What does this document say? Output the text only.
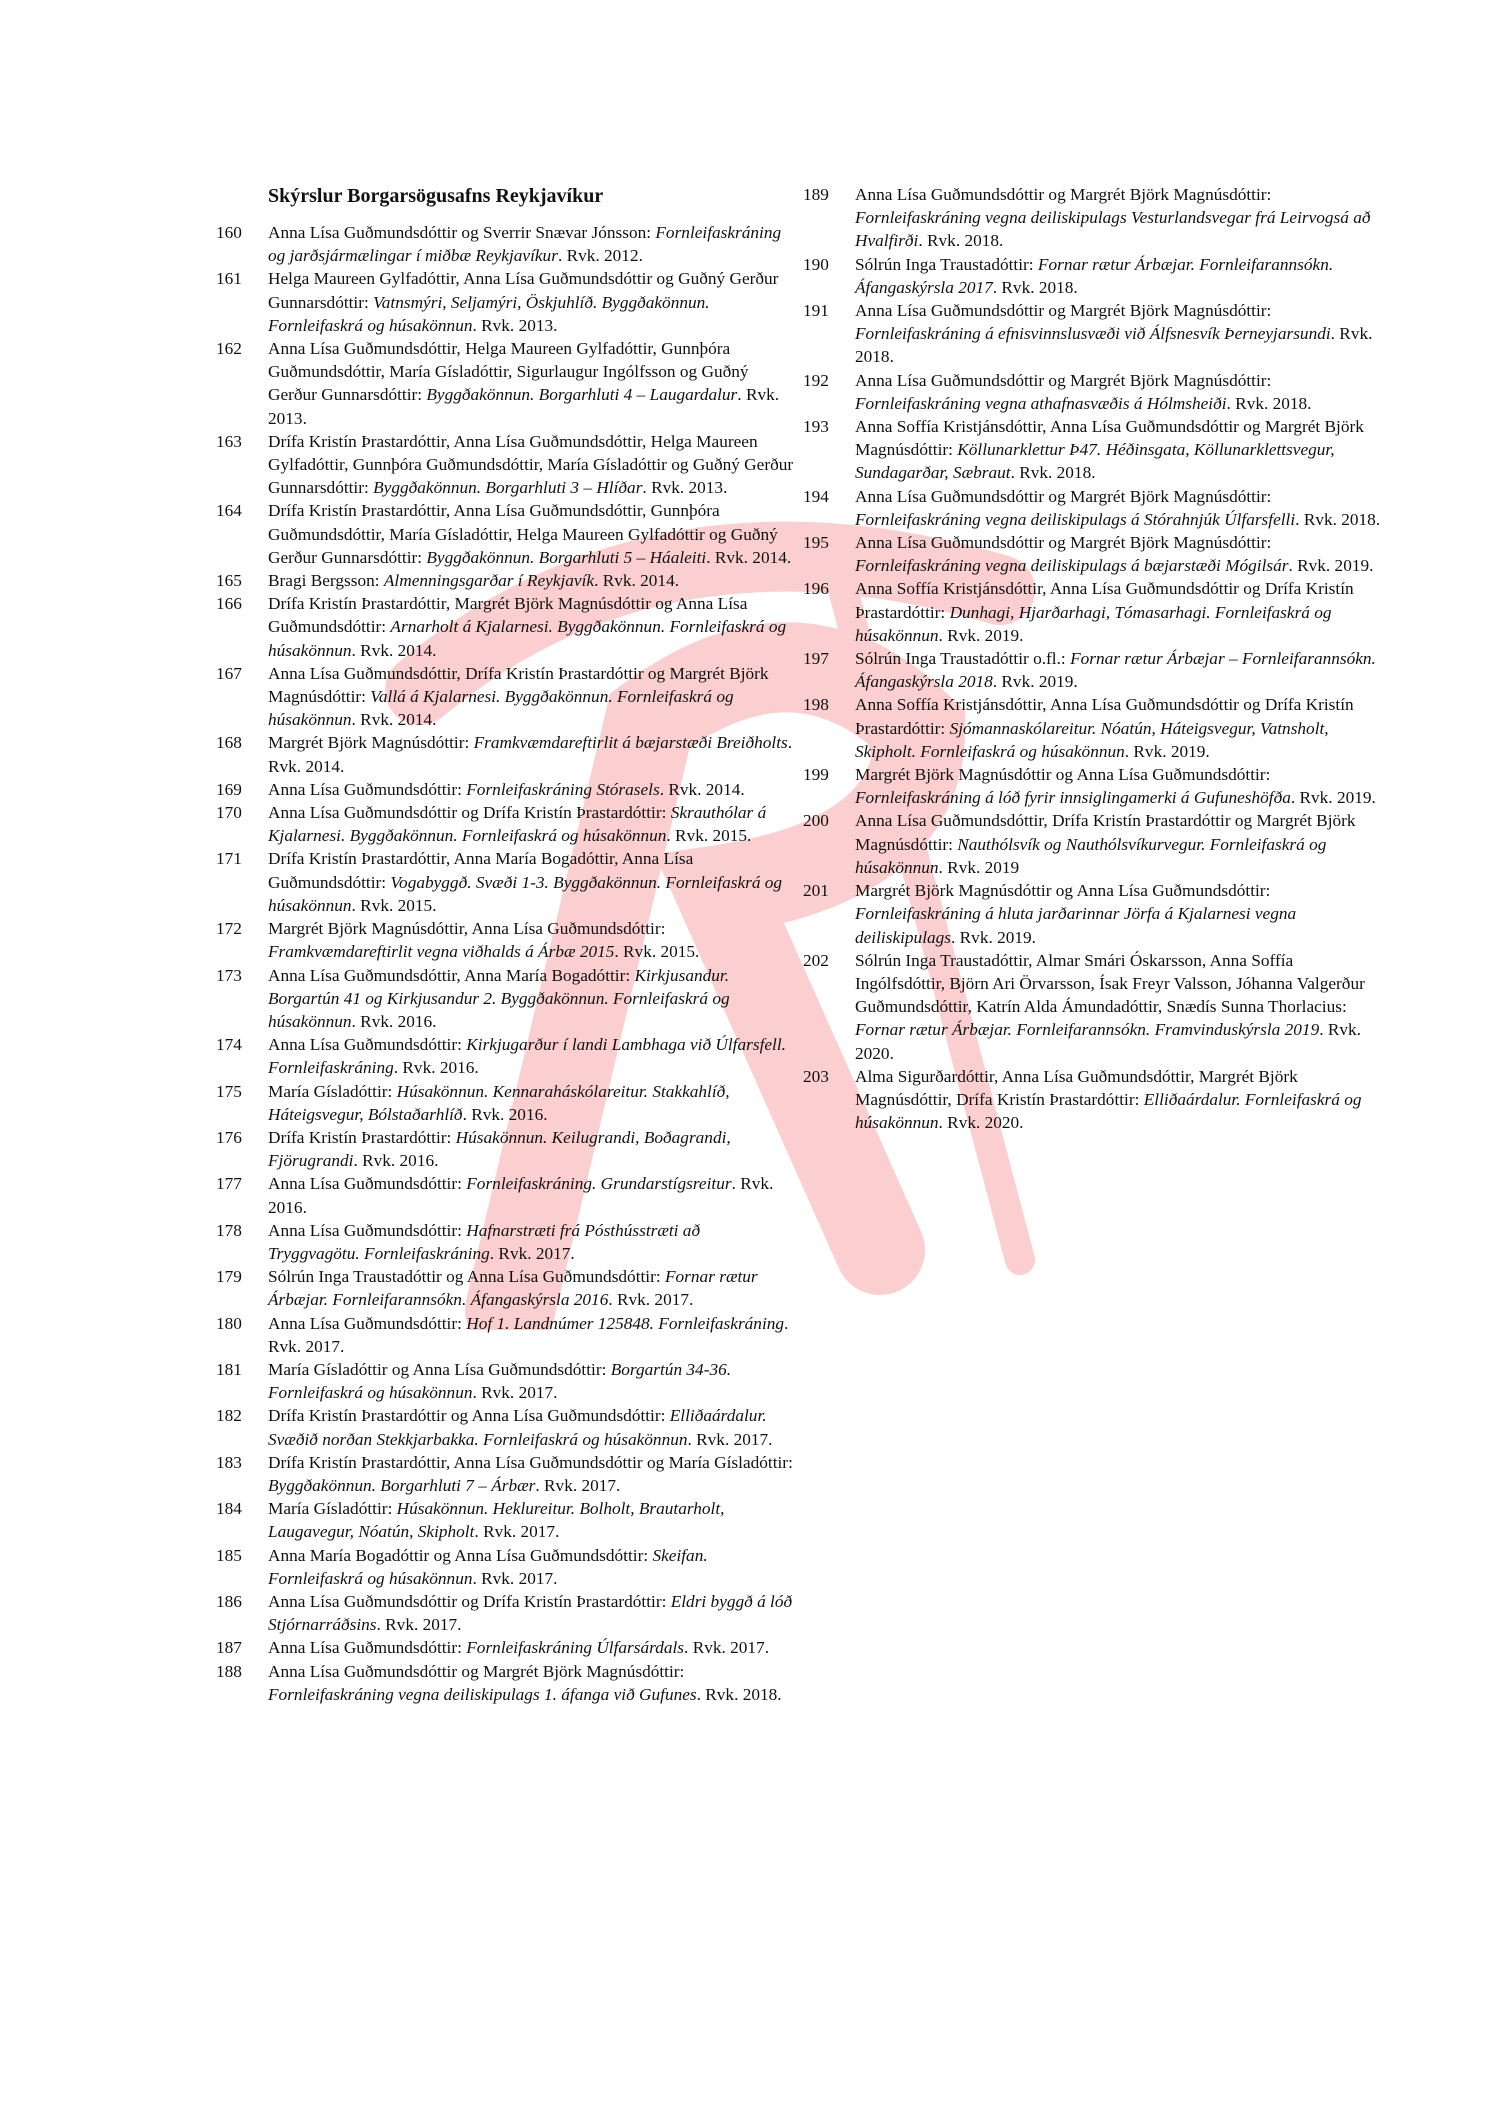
Skýrslur Borgarsögusafns Reykjavíkur
160	Anna Lísa Guðmundsdóttir og Sverrir Snævar Jónsson: Fornleifaskráning og jarðsjármælingar í miðbæ Reykjavíkur. Rvk. 2012.
161	Helga Maureen Gylfadóttir, Anna Lísa Guðmundsdóttir og Guðný Gerður Gunnarsdóttir: Vatnsmýri, Seljamýri, Öskjuhlíð. Byggðakönnun. Fornleifaskrá og húsakönnun. Rvk. 2013.
162	Anna Lísa Guðmundsdóttir, Helga Maureen Gylfadóttir, Gunnþóra Guðmundsdóttir, María Gísladóttir, Sigurlaugur Ingólfsson og Guðný Gerður Gunnarsdóttir: Byggðakönnun. Borgarhluti 4 – Laugardalur. Rvk. 2013.
163	Drífa Kristín Þrastardóttir, Anna Lísa Guðmundsdóttir, Helga Maureen Gylfadóttir, Gunnþóra Guðmundsdóttir, María Gísladóttir og Guðný Gerður Gunnarsdóttir: Byggðakönnun. Borgarhluti 3 – Hlíðar. Rvk. 2013.
164	Drífa Kristín Þrastardóttir, Anna Lísa Guðmundsdóttir, Gunnþóra Guðmundsdóttir, María Gísladóttir, Helga Maureen Gylfadóttir og Guðný Gerður Gunnarsdóttir: Byggðakönnun. Borgarhluti 5 – Háaleiti. Rvk. 2014.
165	Bragi Bergsson: Almenningsgarðar í Reykjavík. Rvk. 2014.
166	Drífa Kristín Þrastardóttir, Margrét Björk Magnúsdóttir og Anna Lísa Guðmundsdóttir: Arnarholt á Kjalarnesi. Byggðakönnun. Fornleifaskrá og húsakönnun. Rvk. 2014.
167	Anna Lísa Guðmundsdóttir, Drífa Kristín Þrastardóttir og Margrét Björk Magnúsdóttir: Vallá á Kjalarnesi. Byggðakönnun. Fornleifaskrá og húsakönnun. Rvk. 2014.
168	Margrét Björk Magnúsdóttir: Framkvæmdareftirlit á bæjarstæði Breiðholts. Rvk. 2014.
169	Anna Lísa Guðmundsdóttir: Fornleifaskráning Stórasels. Rvk. 2014.
170	Anna Lísa Guðmundsdóttir og Drífa Kristín Þrastardóttir: Skrauthólar á Kjalarnesi. Byggðakönnun. Fornleifaskrá og húsakönnun. Rvk. 2015.
171	Drífa Kristín Þrastardóttir, Anna María Bogadóttir, Anna Lísa Guðmundsdóttir: Vogabyggð. Svæði 1-3. Byggðakönnun. Fornleifaskrá og húsakönnun. Rvk. 2015.
172	Margrét Björk Magnúsdóttir, Anna Lísa Guðmundsdóttir: Framkvæmdareftirlit vegna viðhalds á Árbæ 2015. Rvk. 2015.
173	Anna Lísa Guðmundsdóttir, Anna María Bogadóttir: Kirkjusandur. Borgartún 41 og Kirkjusandur 2. Byggðakönnun. Fornleifaskrá og húsakönnun. Rvk. 2016.
174	Anna Lísa Guðmundsdóttir: Kirkjugarður í landi Lambhaga við Úlfarsfell. Fornleifaskráning. Rvk. 2016.
175	María Gísladóttir: Húsakönnun. Kennaraháskólareitur. Stakkahlíð, Háteigsvegur, Bólstaðarhlíð. Rvk. 2016.
176	Drífa Kristín Þrastardóttir: Húsakönnun. Keilugrandi, Boðagrandi, Fjörugrandi. Rvk. 2016.
177	Anna Lísa Guðmundsdóttir: Fornleifaskráning. Grundarstígsreitur. Rvk. 2016.
178	Anna Lísa Guðmundsdóttir: Hafnarstræti frá Pósthússtræti að Tryggvagötu. Fornleifaskráning. Rvk. 2017.
179	Sólrún Inga Traustadóttir og Anna Lísa Guðmundsdóttir: Fornar rætur Árbæjar. Fornleifarannsókn. Áfangaskýrsla 2016. Rvk. 2017.
180	Anna Lísa Guðmundsdóttir: Hof 1. Landnúmer 125848. Fornleifaskráning. Rvk. 2017.
181	María Gísladóttir og Anna Lísa Guðmundsdóttir: Borgartún 34-36. Fornleifaskrá og húsakönnun. Rvk. 2017.
182	Drífa Kristín Þrastardóttir og Anna Lísa Guðmundsdóttir: Elliðaárdalur. Svæðið norðan Stekkjarbakka. Fornleifaskrá og húsakönnun. Rvk. 2017.
183	Drífa Kristín Þrastardóttir, Anna Lísa Guðmundsdóttir og María Gísladóttir: Byggðakönnun. Borgarhluti 7 – Árbær. Rvk. 2017.
184	María Gísladóttir: Húsakönnun. Heklureitur. Bolholt, Brautarholt, Laugavegur, Nóatún, Skipholt. Rvk. 2017.
185	Anna María Bogadóttir og Anna Lísa Guðmundsdóttir: Skeifan. Fornleifaskrá og húsakönnun. Rvk. 2017.
186	Anna Lísa Guðmundsdóttir og Drífa Kristín Þrastardóttir: Eldri byggð á lóð Stjórnarráðsins. Rvk. 2017.
187	Anna Lísa Guðmundsdóttir: Fornleifaskráning Úlfarsárdals. Rvk. 2017.
188	Anna Lísa Guðmundsdóttir og Margrét Björk Magnúsdóttir: Fornleifaskráning vegna deiliskipulags 1. áfanga við Gufunes. Rvk. 2018.
189	Anna Lísa Guðmundsdóttir og Margrét Björk Magnúsdóttir: Fornleifaskráning vegna deiliskipulags Vesturlandsvegar frá Leirvogsá að Hvalfirði. Rvk. 2018.
190	Sólrún Inga Traustadóttir: Fornar rætur Árbæjar. Fornleifarannsókn. Áfangaskýrsla 2017. Rvk. 2018.
191	Anna Lísa Guðmundsdóttir og Margrét Björk Magnúsdóttir: Fornleifaskráning á efnisvinnslusvæði við Álfsnesvík Þerneyjarsundi. Rvk. 2018.
192	Anna Lísa Guðmundsdóttir og Margrét Björk Magnúsdóttir: Fornleifaskráning vegna athafnasvæðis á Hólmsheiði. Rvk. 2018.
193	Anna Soffía Kristjánsdóttir, Anna Lísa Guðmundsdóttir og Margrét Björk Magnúsdóttir: Köllunarklettur Þ47. Héðinsgata, Köllunarklettsvegur, Sundagarðar, Sæbraut. Rvk. 2018.
194	Anna Lísa Guðmundsdóttir og Margrét Björk Magnúsdóttir: Fornleifaskráning vegna deiliskipulags á Stórahnjúk Úlfarsfelli. Rvk. 2018.
195	Anna Lísa Guðmundsdóttir og Margrét Björk Magnúsdóttir: Fornleifaskráning vegna deiliskipulags á bæjarstæði Mógilsár. Rvk. 2019.
196	Anna Soffía Kristjánsdóttir, Anna Lísa Guðmundsdóttir og Drífa Kristín Þrastardóttir: Dunhagi, Hjarðarhagi, Tómasarhagi. Fornleifaskrá og húsakönnun. Rvk. 2019.
197	Sólrún Inga Traustadóttir o.fl.: Fornar rætur Árbæjar – Fornleifarannsókn. Áfangaskýrsla 2018. Rvk. 2019.
198	Anna Soffía Kristjánsdóttir, Anna Lísa Guðmundsdóttir og Drífa Kristín Þrastardóttir: Sjómannaskólareitur. Nóatún, Háteigsvegur, Vatnsholt, Skipholt. Fornleifaskrá og húsakönnun. Rvk. 2019.
199	Margrét Björk Magnúsdóttir og Anna Lísa Guðmundsdóttir: Fornleifaskráning á lóð fyrir innsiglingamerki á Gufuneshöfða. Rvk. 2019.
200	Anna Lísa Guðmundsdóttir, Drífa Kristín Þrastardóttir og Margrét Björk Magnúsdóttir: Nauthólsvík og Nauthólsvíkurvegur. Fornleifaskrá og húsakönnun. Rvk. 2019
201	Margrét Björk Magnúsdóttir og Anna Lísa Guðmundsdóttir: Fornleifaskráning á hluta jarðarinnar Jörfa á Kjalarnesi vegna deiliskipulags. Rvk. 2019.
202	Sólrún Inga Traustadóttir, Almar Smári Óskarsson, Anna Soffía Ingólfsdóttir, Björn Ari Örvarsson, Ísak Freyr Valsson, Jóhanna Valgerður Guðmundsdóttir, Katrín Alda Ámundadóttir, Snædís Sunna Thorlacius: Fornar rætur Árbæjar. Fornleifarannsókn. Framvinduskýrsla 2019. Rvk. 2020.
203	Alma Sigurðardóttir, Anna Lísa Guðmundsdóttir, Margrét Björk Magnúsdóttir, Drífa Kristín Þrastardóttir: Elliðaárdalur. Fornleifaskrá og húsakönnun. Rvk. 2020.
